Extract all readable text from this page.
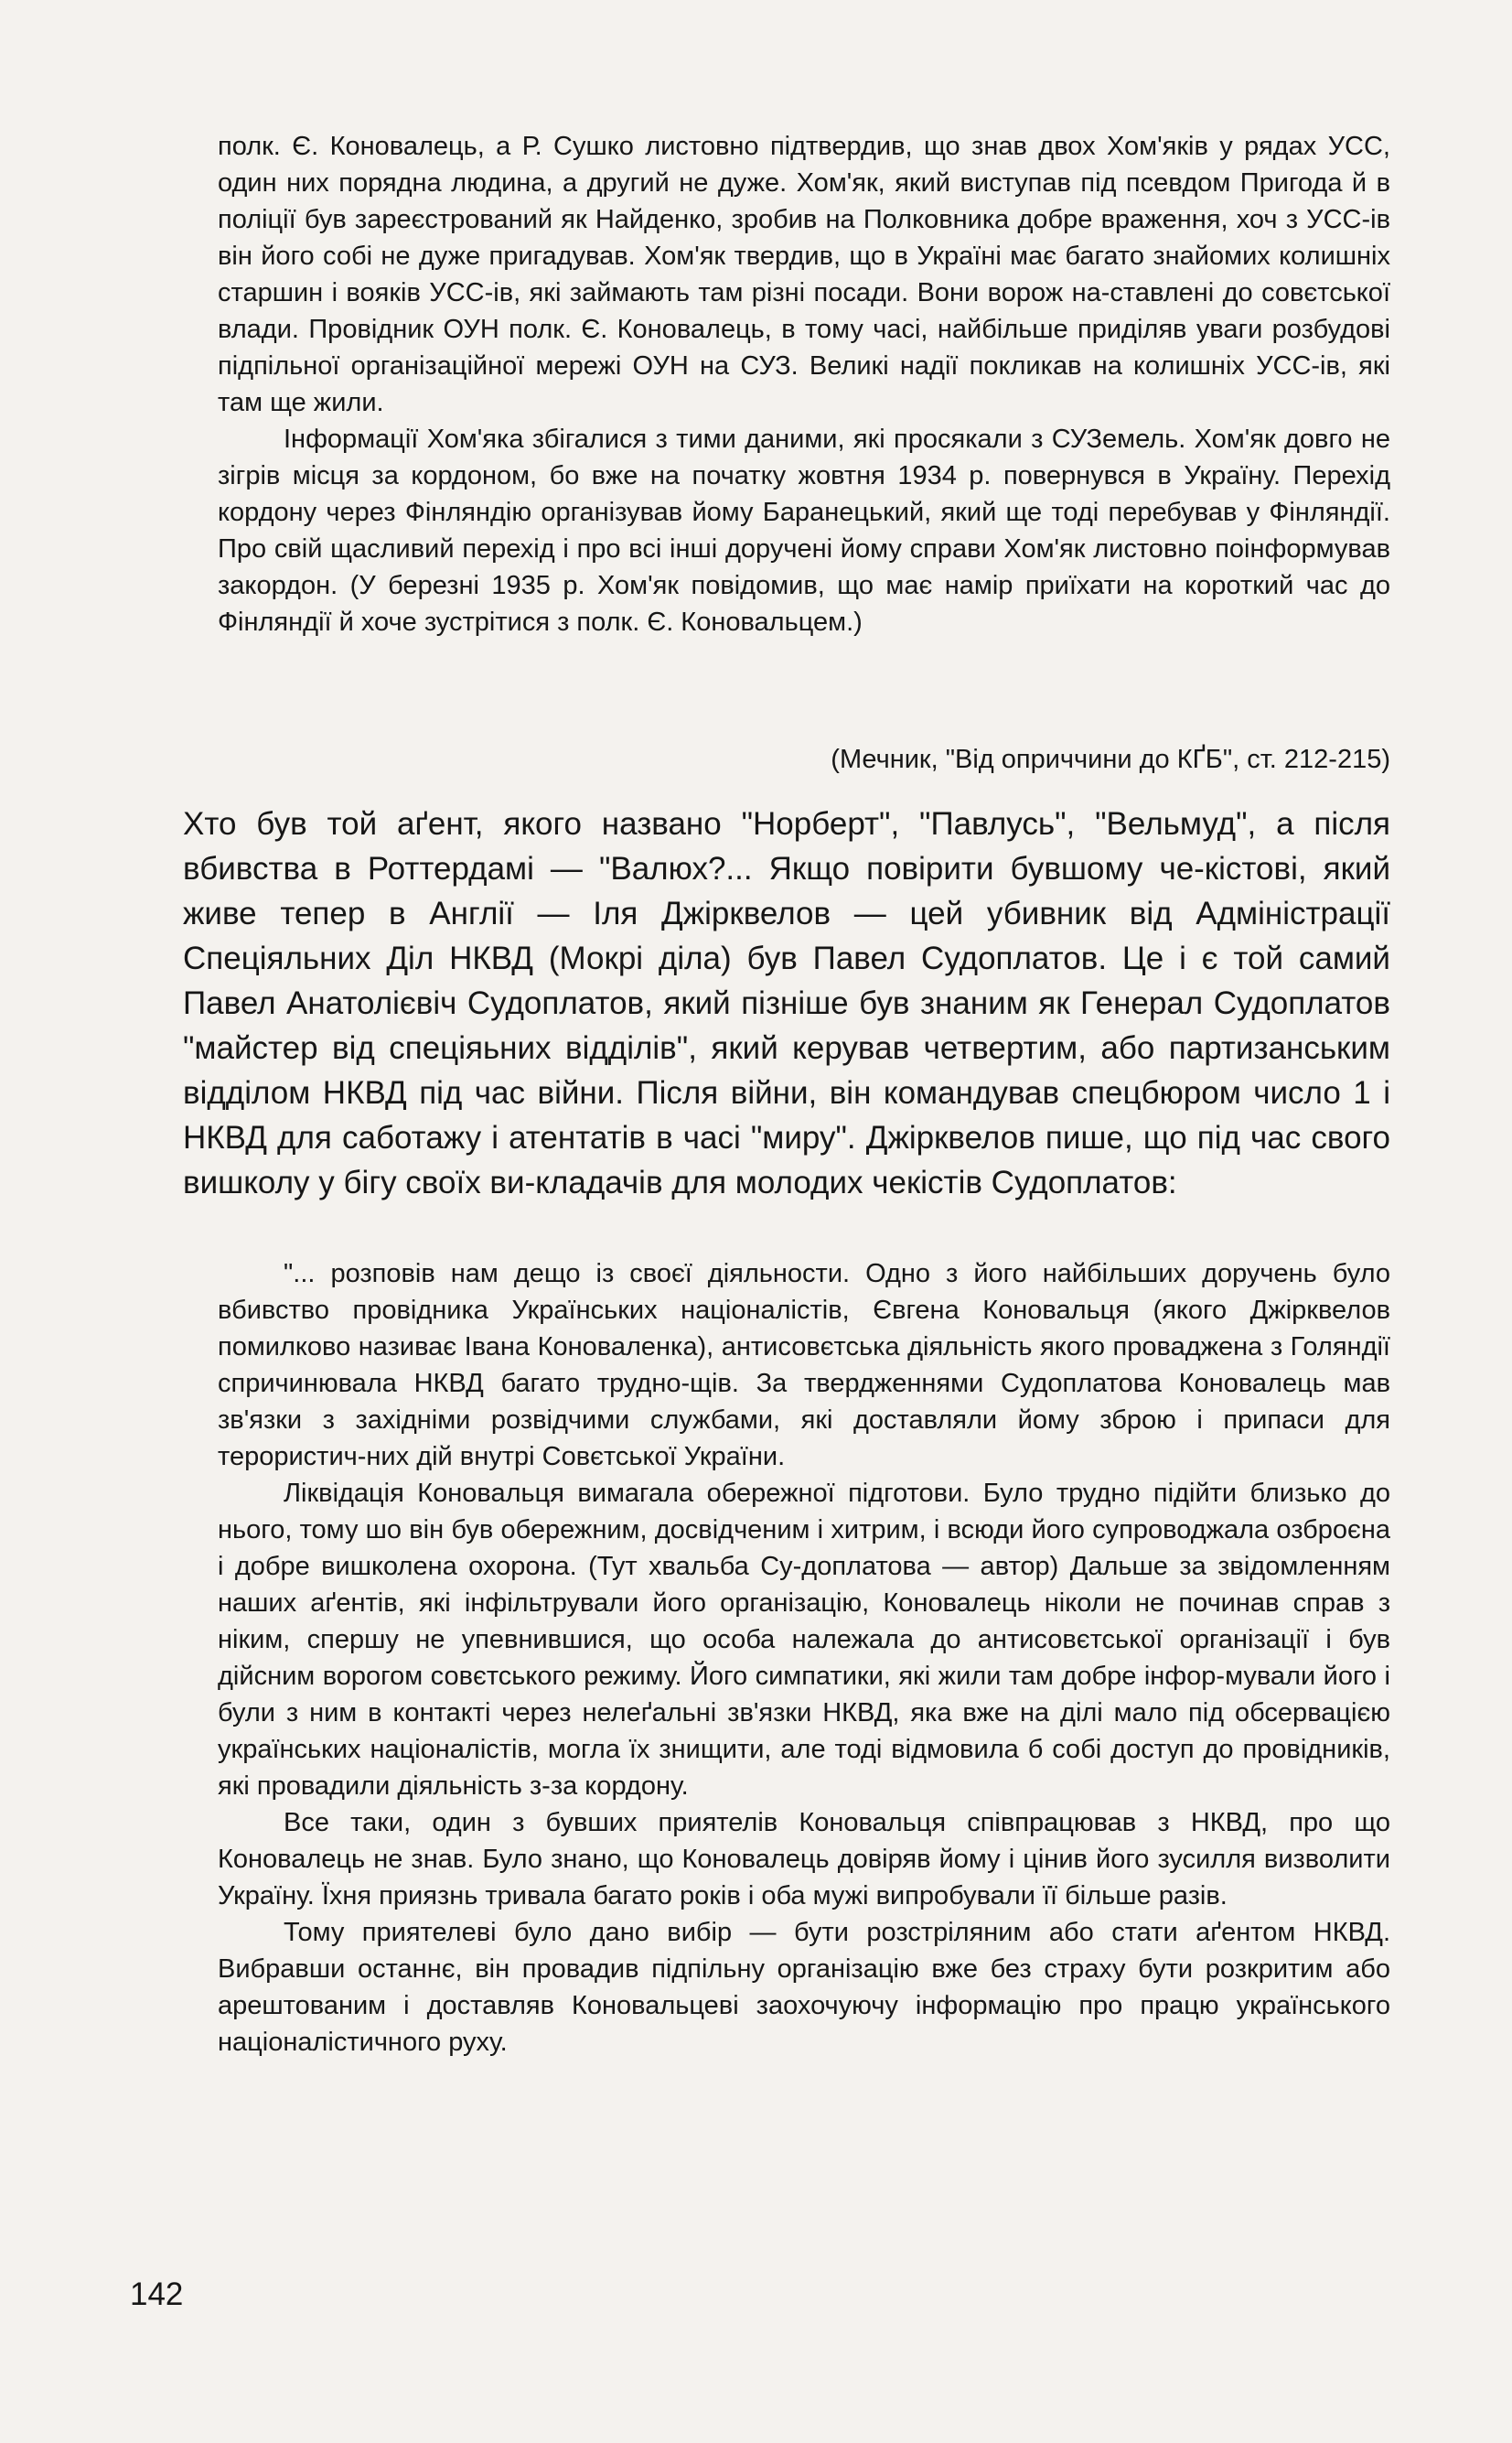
полк. Є. Коновалець, а Р. Сушко листовно підтвердив, що знав двох Хом'яків у рядах УСС, один них порядна людина, а другий не дуже. Хом'як, який виступав під псевдом Пригода й в поліції був зареєстрований як Найденко, зробив на Полковника добре враження, хоч з УСС-ів він його собі не дуже пригадував. Хом'як твердив, що в Україні має багато знайомих колишніх старшин і вояків УСС-ів, які займають там різні посади. Вони ворож на-ставлені до совєтської влади. Провідник ОУН полк. Є. Коновалець, в тому часі, найбільше приділяв уваги розбудові підпільної організаційної мережі ОУН на СУЗ. Великі надії покликав на колишніх УСС-ів, які там ще жили.

Інформації Хом'яка збігалися з тими даними, які просякали з СУЗемель. Хом'як довго не зігрів місця за кордоном, бо вже на початку жовтня 1934 р. повернувся в Україну. Перехід кордону через Фінляндію організував йому Баранецький, який ще тоді перебував у Фінляндії. Про свій щасливий перехід і про всі інші доручені йому справи Хом'як листовно поінформував закордон. (У березні 1935 р. Хом'як повідомив, що має намір приїхати на короткий час до Фінляндії й хоче зустрітися з полк. Є. Коновальцем.)

(Мечник, "Від оприччини до КҐБ", ст. 212-215)

Хто був той аґент, якого названо "Норберт", "Павлусь", "Вельмуд", а після вбивства в Роттердамі — "Валюх?... Якщо повірити бувшому че-кістові, який живе тепер в Англії — Іля Джірквелов — цей убивник від Адміністрації Спеціяльних Діл НКВД (Мокрі діла) був Павел Судоплатов. Це і є той самий Павел Анатолієвіч Судоплатов, який пізніше був знаним як Генерал Судоплатов "майстер від спеціяьних відділів", який керував четвертим, або партизанським відділом НКВД під час війни. Після війни, він командував спецбюром число 1 і НКВД для саботажу і атентатів в часі "миру". Джірквелов пише, що під час свого вишколу у бігу своїх ви-кладачів для молодих чекістів Судоплатов:

"... розповів нам дещо із своєї діяльности. Одно з його найбільших доручень було вбивство провідника Українських націоналістів, Євгена Коновальця (якого Джірквелов помилково називає Івана Коноваленка), антисовєтська діяльність якого провадженa з Голяндії спричинювала НКВД багато трудно-щів. За твердженнями Судоплатова Коновалець мав зв'язки з західніми розвідчими службами, які доставляли йому зброю і припаси для терористич-них дій внутрі Совєтської України.

Ліквідація Коновальця вимагала обережної підготови. Було трудно підійти близько до нього, тому шо він був обережним, досвідченим і хитрим, і всюди його супроводжала озброєна і добре вишколена охорона. (Тут хвальба Су-доплатова — автор) Дальше за звідомленням наших аґентів, які інфільтрували його організацію, Коновалець ніколи не починав справ з ніким, спершу не упевнившися, що особа належала до антисовєтської організації і був дійсним ворогом совєтського режиму. Його симпатики, які жили там добре інфор-мували його і були з ним в контакті через нелеґальні зв'язки НКВД, яка вже на ділі мало під обсервацією українських націоналістів, могла їх знищити, але тоді відмовила б собі доступ до провідників, які провадили діяльність з-за кордону.

Все таки, один з бувших приятелів Коновальця співпрацював з НКВД, про що Коновалець не знав. Було знано, що Коновалець довіряв йому і цінив його зусилля визволити Україну. Їхня приязнь тривала багато років і оба мужі випробували її більше разів.

Тому приятелеві було дано вибір — бути розстріляним або стати аґентом НКВД. Вибравши останнє, він провадив підпільну організацію вже без страху бути розкритим або арештованим і доставляв Коновальцеві заохочуючу інформацію про працю українського націоналістичного руху.

142
